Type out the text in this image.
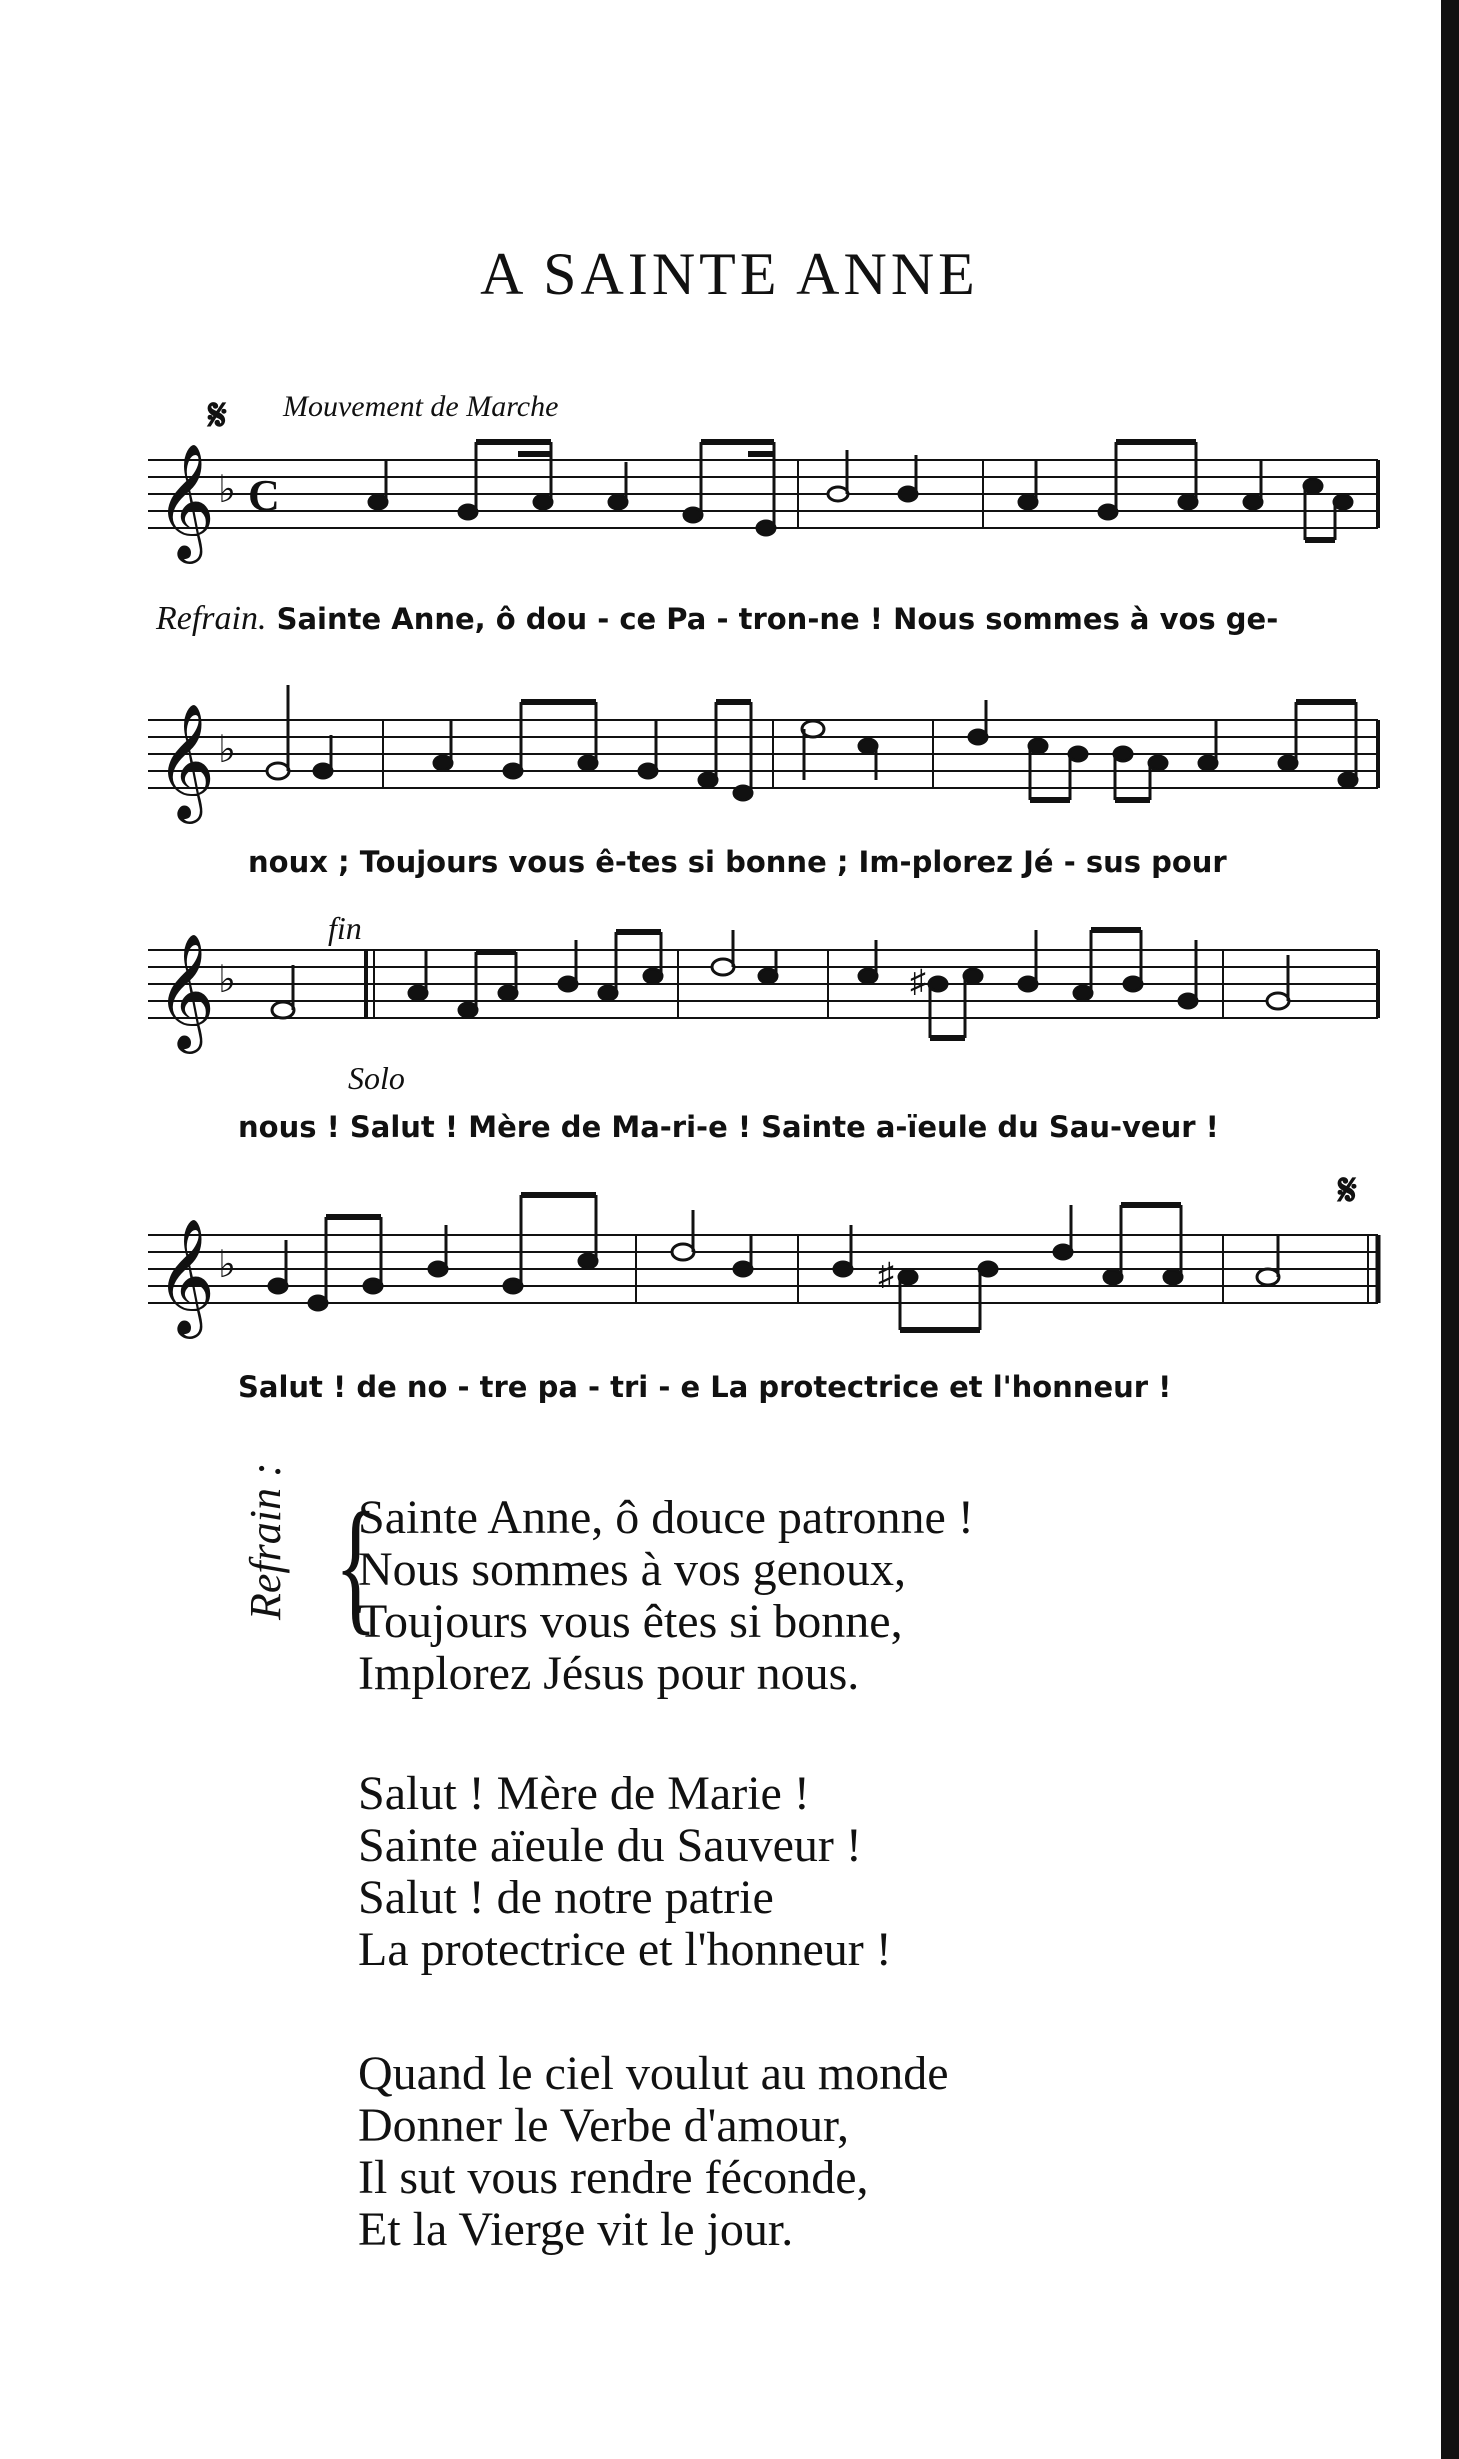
A SAINTE ANNE
𝄋 Mouvement de Marche
𝄞 ♭ C
Refrain. Sainte Anne, ô dou - ce Pa - tron-ne ! Nous sommes à vos ge-
𝄞 ♭
noux ; Toujours vous ê-tes si bonne ; Im-plorez Jé - sus pour
fin
𝄞 ♭	♯
Solo
nous ! Salut ! Mère de Ma-ri-e ! Sainte a-ïeule du Sau-veur !
𝄋
𝄞 ♭	♯
Salut ! de no - tre pa - tri - e La protectrice et l'honneur !
Refrain : {
Sainte Anne, ô douce patronne !
Nous sommes à vos genoux,
Toujours vous êtes si bonne,
Implorez Jésus pour nous.
Salut ! Mère de Marie !
Sainte aïeule du Sauveur !
Salut ! de notre patrie
La protectrice et l'honneur !
Quand le ciel voulut au monde
Donner le Verbe d'amour,
Il sut vous rendre féconde,
Et la Vierge vit le jour.
